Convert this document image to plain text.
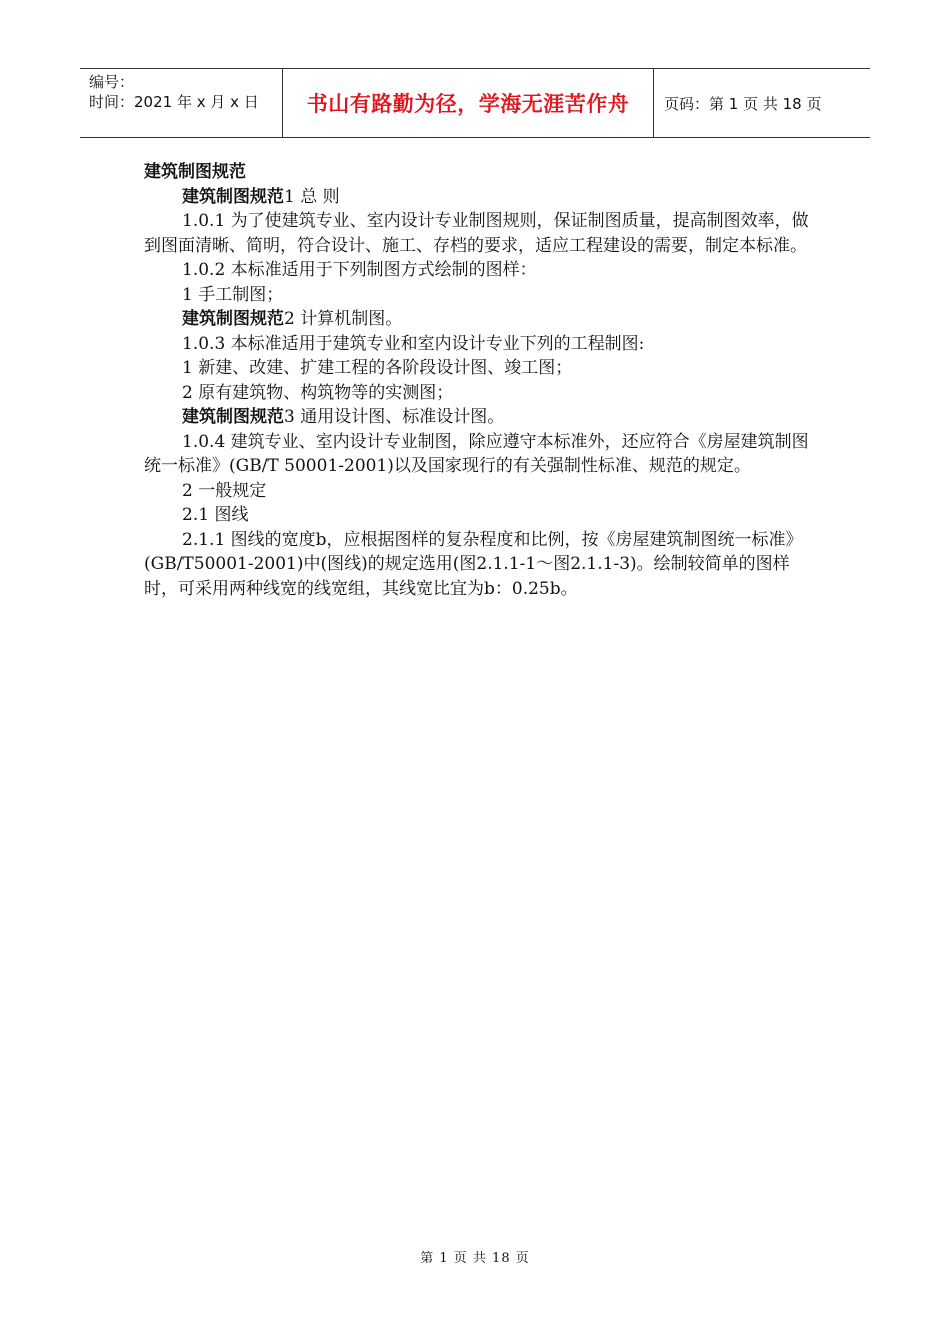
编号：
时间：2021 年 x 月 x 日	书山有路勤为径，学海无涯苦作舟	页码：第 1 页 共 18 页

建筑制图规范

建筑制图规范1 总 则

1.0.1 为了使建筑专业、室内设计专业制图规则，保证制图质量，提高制图效率，做到图面清晰、简明，符合设计、施工、存档的要求，适应工程建设的需要，制定本标准。

1.0.2 本标准适用于下列制图方式绘制的图样：

1 手工制图；

建筑制图规范2 计算机制图。

1.0.3 本标准适用于建筑专业和室内设计专业下列的工程制图:

1 新建、改建、扩建工程的各阶段设计图、竣工图；

2 原有建筑物、构筑物等的实测图；

建筑制图规范3 通用设计图、标准设计图。

1.0.4 建筑专业、室内设计专业制图，除应遵守本标准外，还应符合《房屋建筑制图统一标准》(GB/T 50001-2001)以及国家现行的有关强制性标准、规范的规定。

2 一般规定

2.1 图线

2.1.1 图线的宽度b，应根据图样的复杂程度和比例，按《房屋建筑制图统一标准》(GB/T50001-2001)中(图线)的规定选用(图2.1.1-1～图2.1.1-3)。绘制较简单的图样时，可采用两种线宽的线宽组，其线宽比宜为b：0.25b。

第 1 页 共 18 页
